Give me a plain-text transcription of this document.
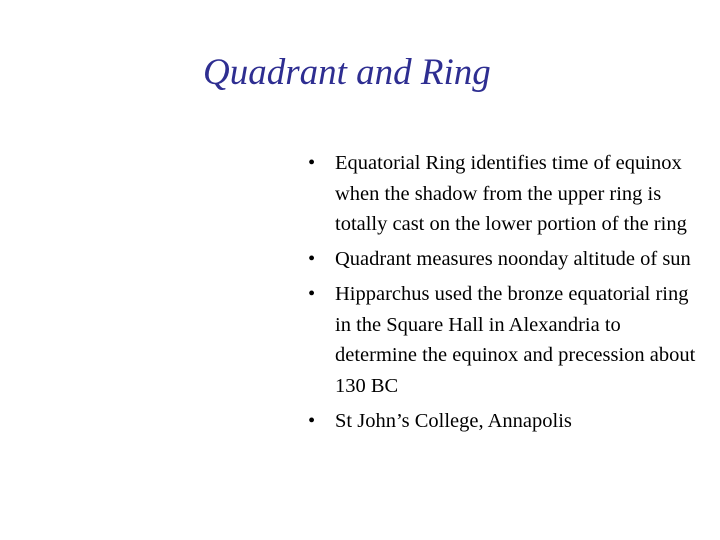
Quadrant and Ring
• Equatorial Ring identifies time of equinox when the shadow from the upper ring is totally cast on the lower portion of the ring
• Quadrant measures noonday altitude of sun
• Hipparchus used the bronze equatorial ring in the Square Hall in Alexandria to determine the equinox and precession about 130 BC
• St John’s College, Annapolis
